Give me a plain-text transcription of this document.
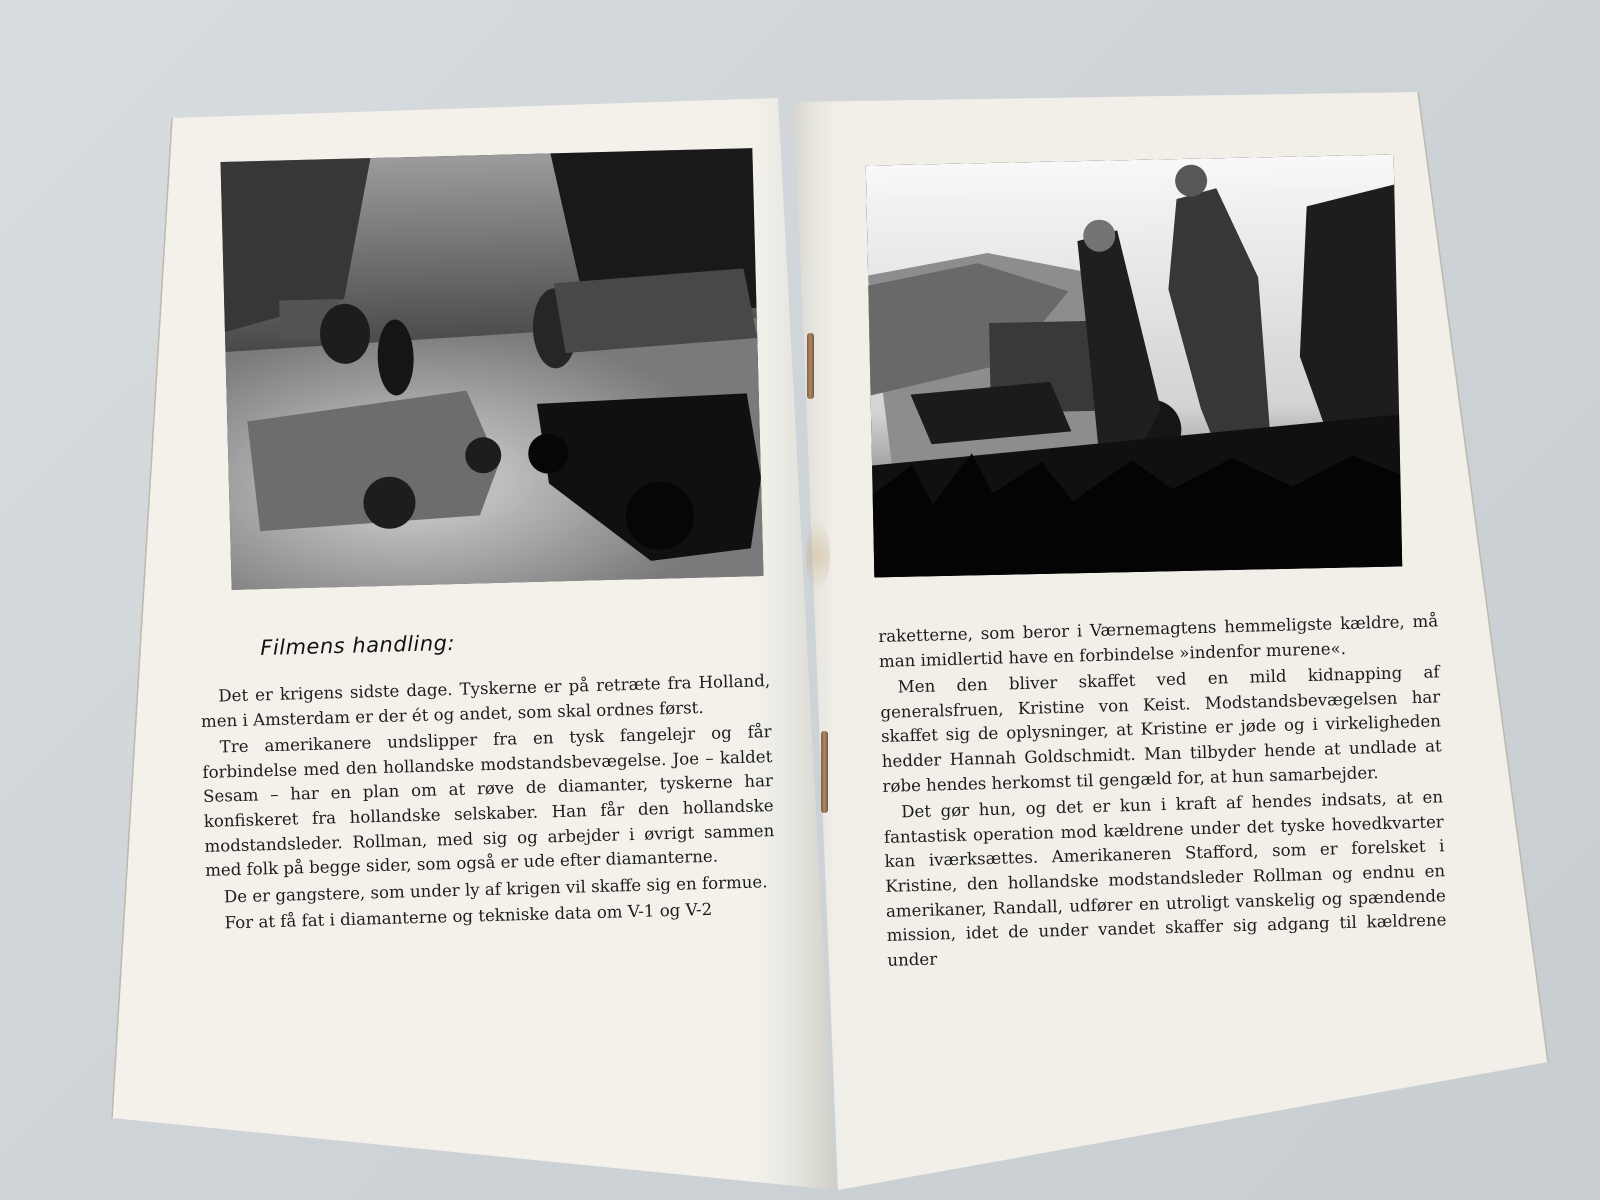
Filmens handling:

Det er krigens sidste dage. Tyskerne er på retræte fra Holland, men i Amsterdam er der ét og andet, som skal ordnes først.

Tre amerikanere undslipper fra en tysk fangelejr og får forbindelse med den hollandske modstandsbevægelse. Joe – kaldet Sesam – har en plan om at røve de diamanter, tyskerne har konfiskeret fra hollandske selskaber. Han får den hollandske modstandsleder. Rollman, med sig og arbejder i øvrigt sammen med folk på begge sider, som også er ude efter diamanterne.

De er gangstere, som under ly af krigen vil skaffe sig en formue.

For at få fat i diamanterne og tekniske data om V-1 og V-2

raketterne, som beror i Værnemagtens hemmeligste kældre, må man imidlertid have en forbindelse »indenfor murene«.

Men den bliver skaffet ved en mild kidnapping af generalsfruen, Kristine von Keist. Modstandsbevægelsen har skaffet sig de oplysninger, at Kristine er jøde og i virkeligheden hedder Hannah Goldschmidt. Man tilbyder hende at undlade at røbe hendes herkomst til gengæld for, at hun samarbejder.

Det gør hun, og det er kun i kraft af hendes indsats, at en fantastisk operation mod kældrene under det tyske hovedkvarter kan iværksættes. Amerikaneren Stafford, som er forelsket i Kristine, den hollandske modstandsleder Rollman og endnu en amerikaner, Randall, udfører en utroligt vanskelig og spændende mission, idet de under vandet skaffer sig adgang til kældrene under
